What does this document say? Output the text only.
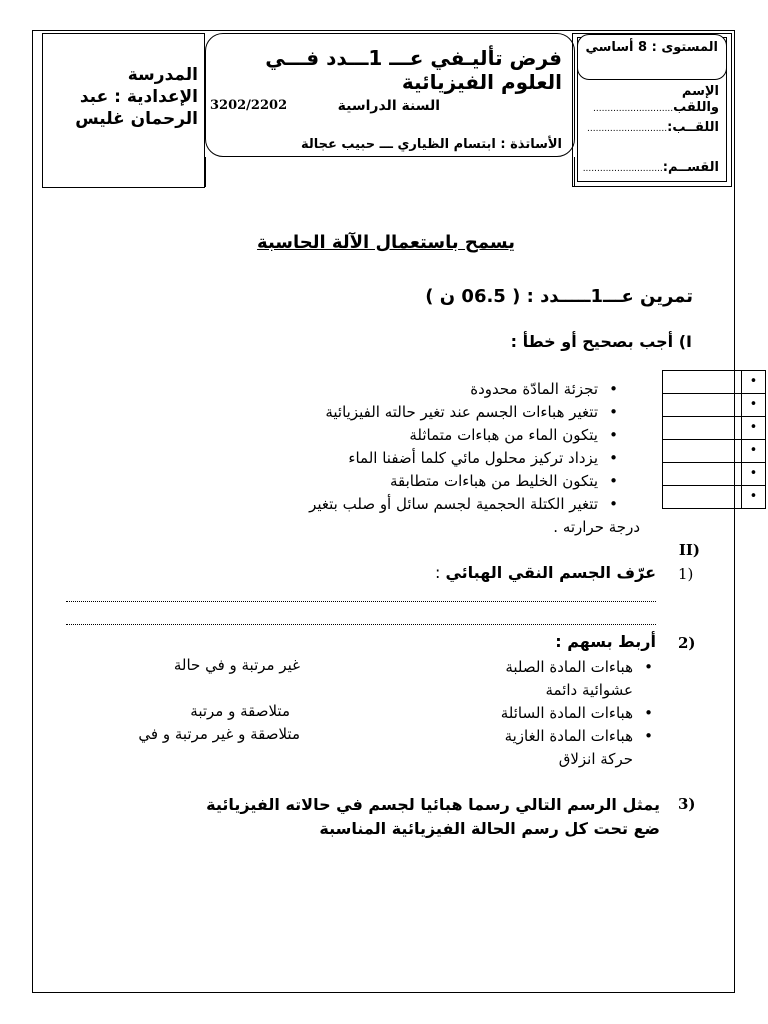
المدرسة الإعدادية : عبد الرحمان غليس
فرض تأليـفي عـــ 1ـــدد فـــي العلوم الفيزيائية
السنة الدراسية
3202/2202
الأساتذة : ابتسام الظياري ـــ حبيب عجالة
الإسم واللقب............................
اللقــب:............................
القســم:............................
المستوى : 8 أساسي
يسمح باستعمال الآلة الحاسبة
تمرين عـــ1ـــــدد : ( 06.5 ن )
I) أجب بصحيح أو خطأ :
• تجزئة المادّة محدودة
• تتغير هباءات الجسم عند تغير حالته الفيزيائية
• يتكون الماء من هباءات متماثلة
• يزداد تركيز محلول مائي كلما أضفنا الماء
• يتكون الخليط من هباءات متطابقة
• تتغير الكتلة الحجمية لجسم سائل أو صلب بتغير
درجة حرارته .
	•
	•
	•
	•
	•
	•
II)
1)
عرّف الجسم النقي الهبائي :
2)
أربط بسهم :
• هباءات المادة الصلبة
عشوائية دائمة
• هباءات المادة السائلة
• هباءات المادة الغازية
حركة انزلاق
غير مرتبة و في حالة
متلاصقة و مرتبة
متلاصقة و غير مرتبة و في
3)
يمثل الرسم التالي رسما هبائيا لجسم في حالاته الفيزيائية
ضع تحت كل رسم الحالة الفيزيائية المناسبة
